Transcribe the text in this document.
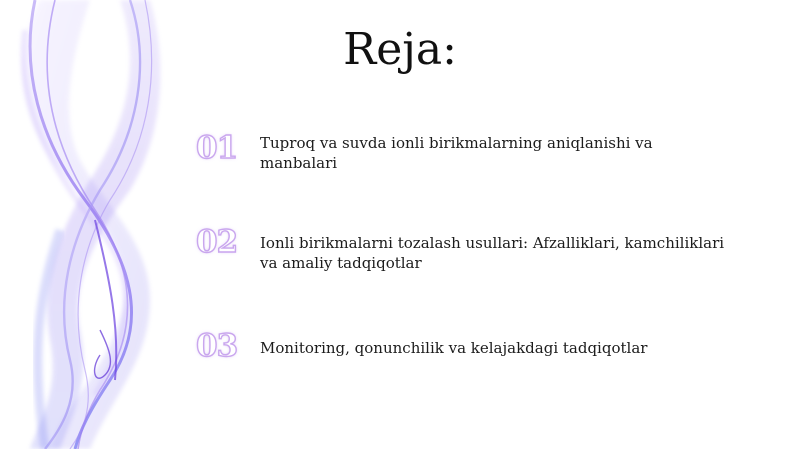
Reja:
01	Tuproq va suvda ionli birikmalarning aniqlanishi va manbalari
02	Ionli birikmalarni tozalash usullari: Afzalliklari, kamchiliklari va amaliy tadqiqotlar
03	Monitoring, qonunchilik va kelajakdagi tadqiqotlar
